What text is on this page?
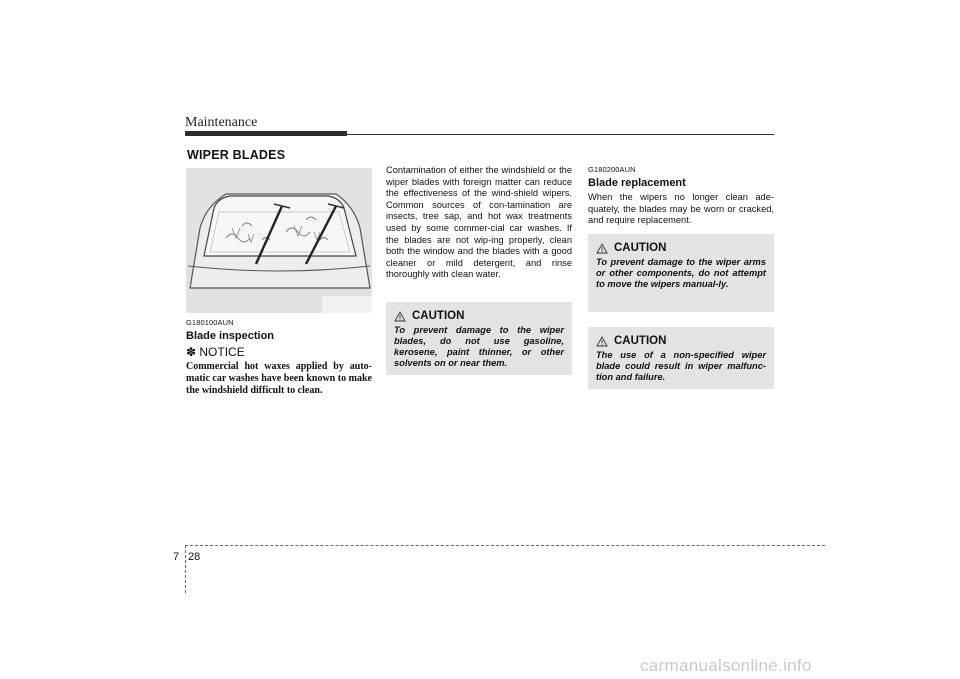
Maintenance
WIPER BLADES
G180100AUN
Blade inspection
✽ NOTICE
Commercial hot waxes applied by auto-matic car washes have been known to make the windshield difficult to clean.
Contamination of either the windshield or the wiper blades with foreign matter can reduce the effectiveness of the wind-shield wipers. Common sources of con-tamination are insects, tree sap, and hot wax treatments used by some commer-cial car washes. If the blades are not wip-ing properly, clean both the window and the blades with a good cleaner or mild detergent, and rinse thoroughly with clean water.
CAUTION
To prevent damage to the wiper blades, do not use gasoline, kerosene, paint thinner, or other solvents on or near them.
G180200AUN
Blade replacement
When the wipers no longer clean ade-quately, the blades may be worn or cracked, and require replacement.
CAUTION
To prevent damage to the wiper arms or other components, do not attempt to move the wipers manual-ly.
CAUTION
The use of a non-specified wiper blade could result in wiper malfunc-tion and failure.
7 28
carmanualsonline.info
